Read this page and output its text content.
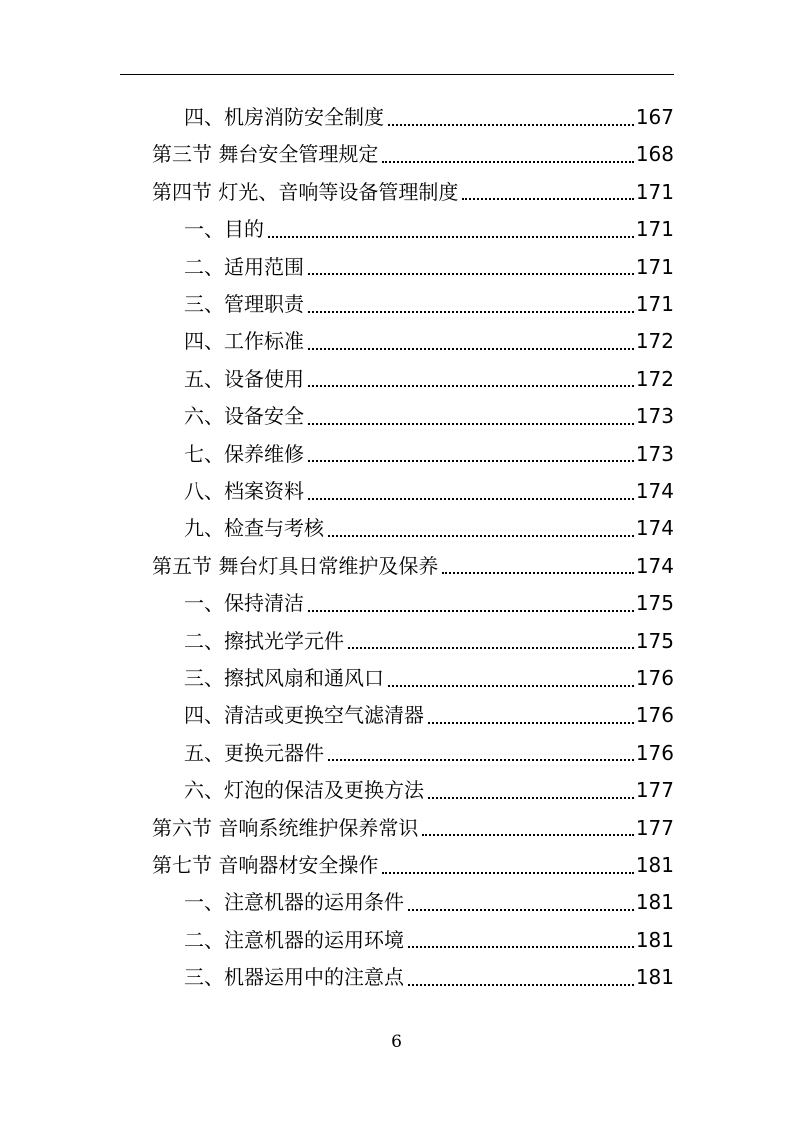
四、机房消防安全制度	167
第三节 舞台安全管理规定	168
第四节 灯光、音响等设备管理制度	171
一、目的	171
二、适用范围	171
三、管理职责	171
四、工作标准	172
五、设备使用	172
六、设备安全	173
七、保养维修	173
八、档案资料	174
九、检查与考核	174
第五节 舞台灯具日常维护及保养	174
一、保持清洁	175
二、擦拭光学元件	175
三、擦拭风扇和通风口	176
四、清洁或更换空气滤清器	176
五、更换元器件	176
六、灯泡的保洁及更换方法	177
第六节 音响系统维护保养常识	177
第七节 音响器材安全操作	181
一、注意机器的运用条件	181
二、注意机器的运用环境	181
三、机器运用中的注意点	181
6
